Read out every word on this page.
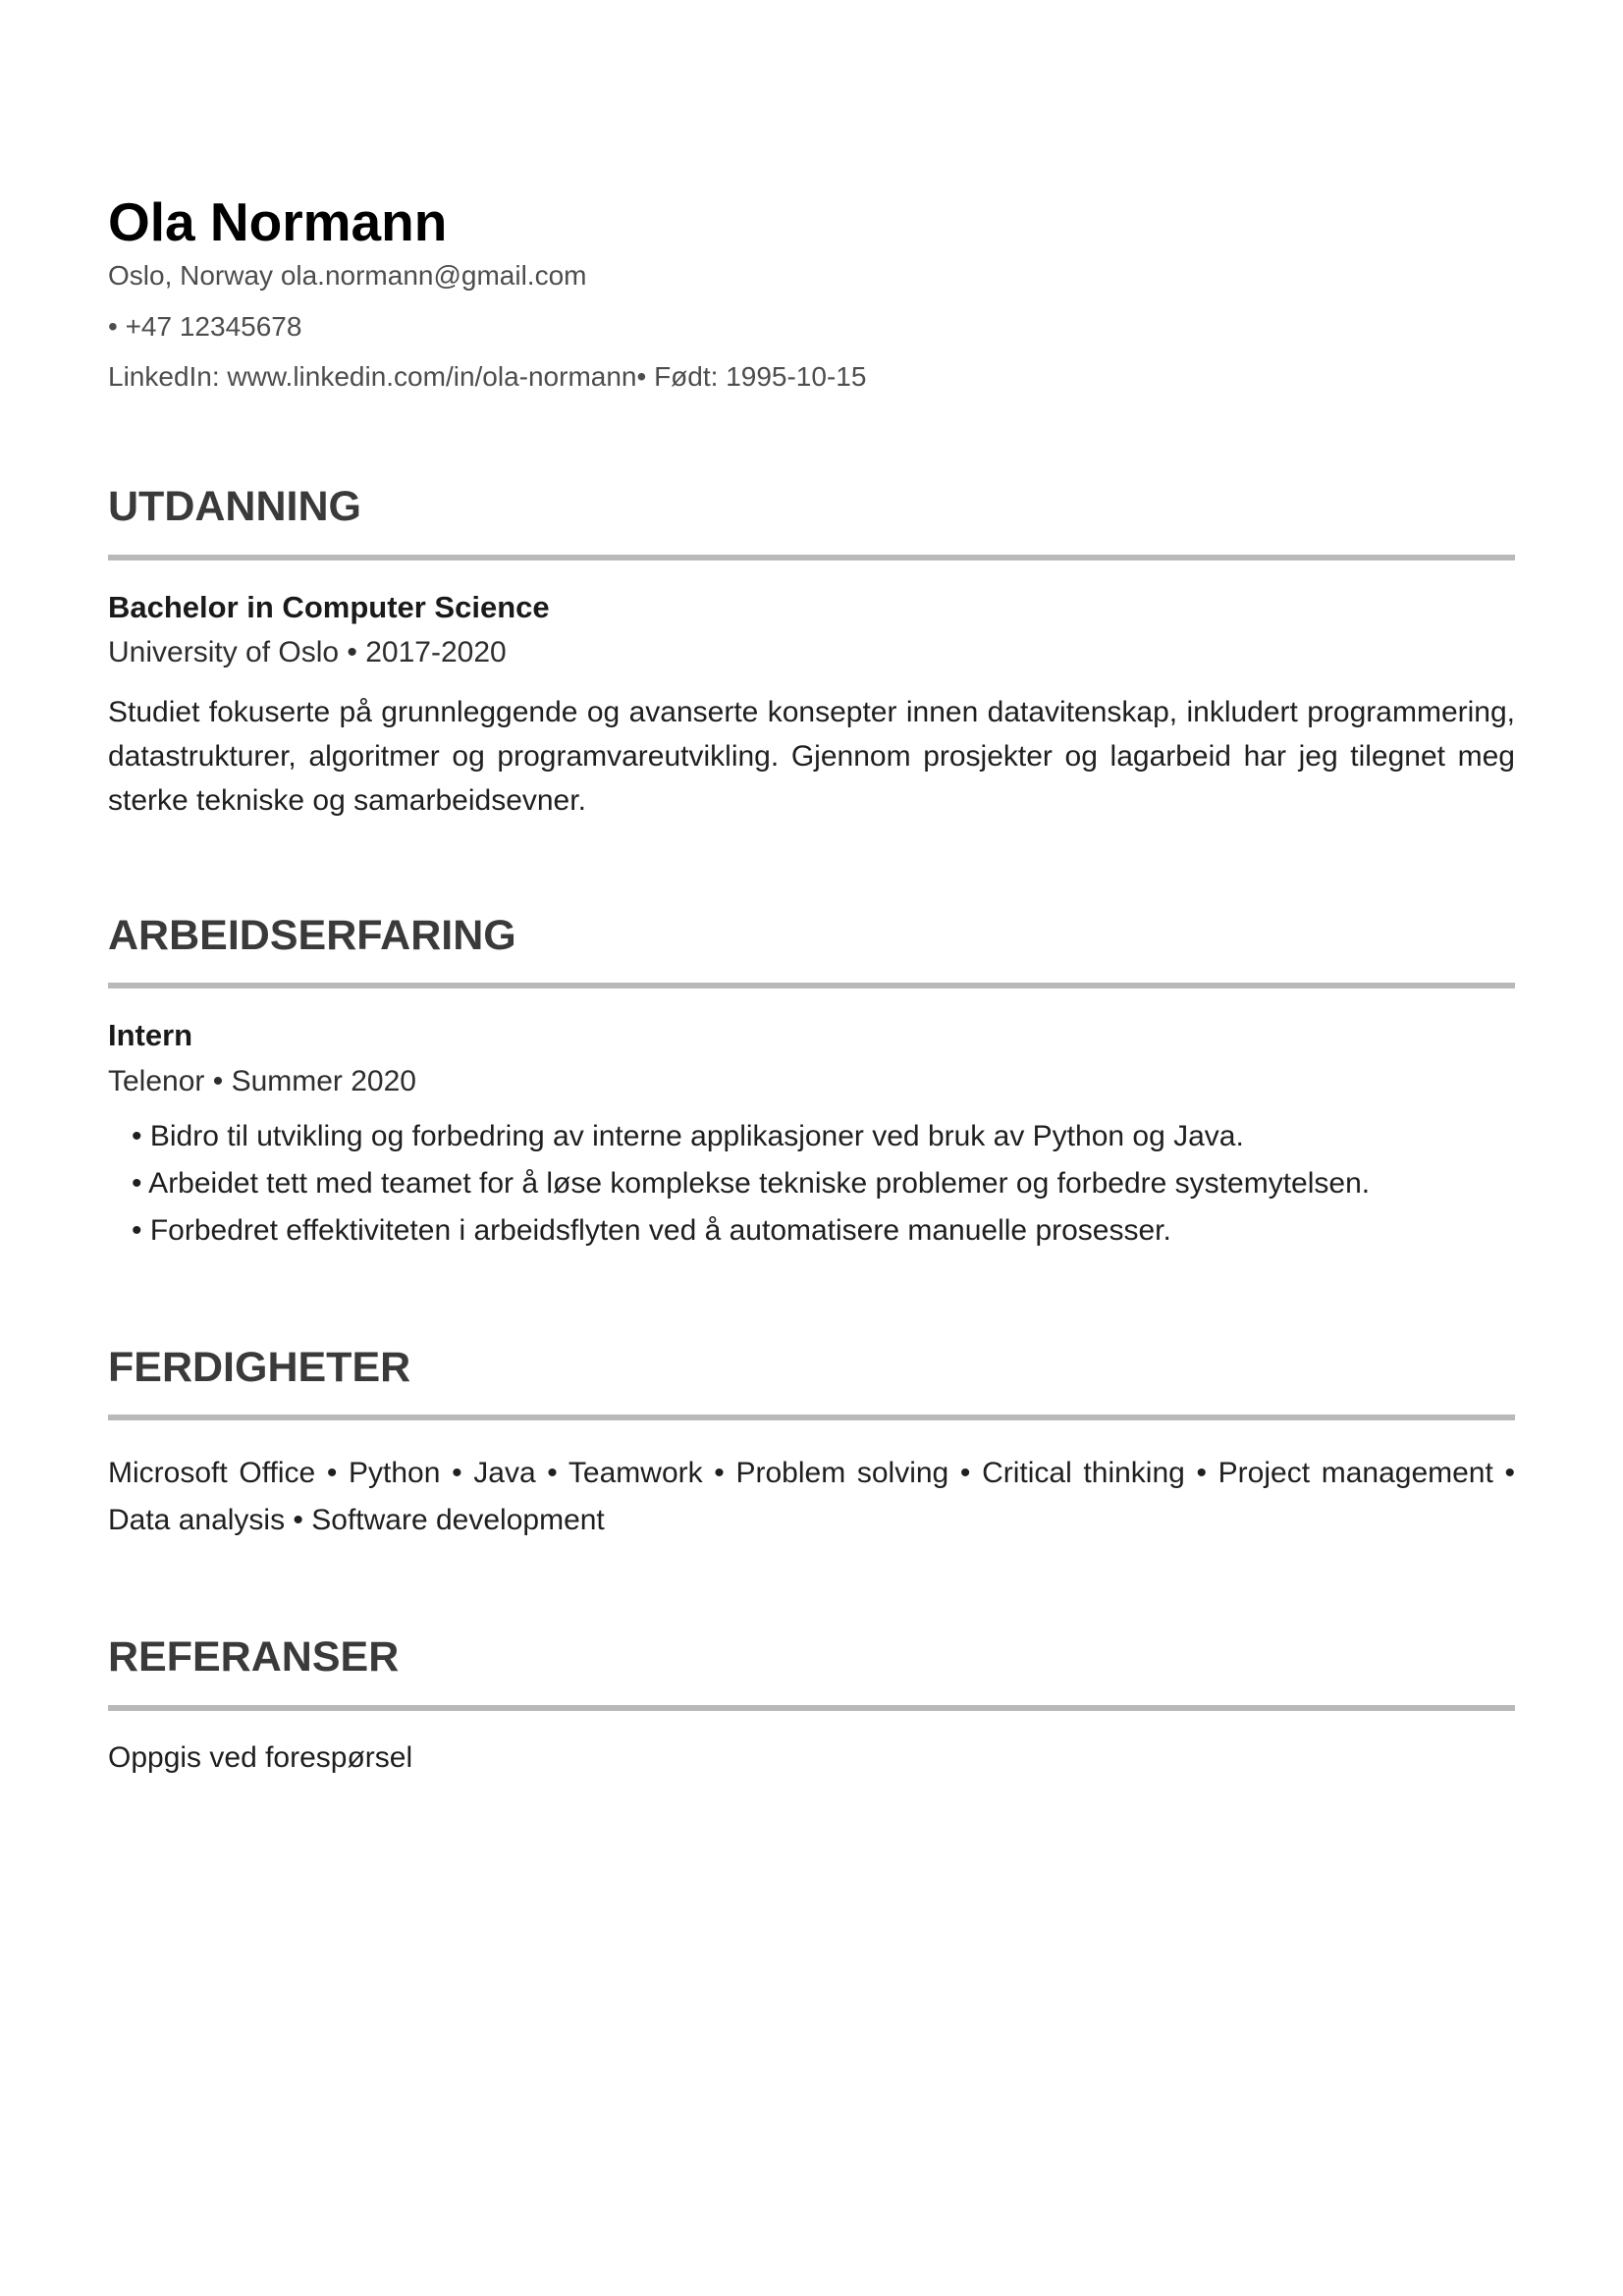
Ola Normann

Oslo, Norway ola.normann@gmail.com

• +47 12345678

LinkedIn: www.linkedin.com/in/ola-normann• Født: 1995-10-15

UTDANNING
Bachelor in Computer Science

University of Oslo • 2017-2020

Studiet fokuserte på grunnleggende og avanserte konsepter innen datavitenskap, inkludert programmering, datastrukturer, algoritmer og programvareutvikling. Gjennom prosjekter og lagarbeid har jeg tilegnet meg sterke tekniske og samarbeidsevner.

ARBEIDSERFARING
Intern

Telenor • Summer 2020

• Bidro til utvikling og forbedring av interne applikasjoner ved bruk av Python og Java.
• Arbeidet tett med teamet for å løse komplekse tekniske problemer og forbedre systemytelsen.
• Forbedret effektiviteten i arbeidsflyten ved å automatisere manuelle prosesser.
FERDIGHETER

Microsoft Office • Python • Java • Teamwork • Problem solving • Critical thinking • Project management • Data analysis • Software development

REFERANSER

Oppgis ved forespørsel
